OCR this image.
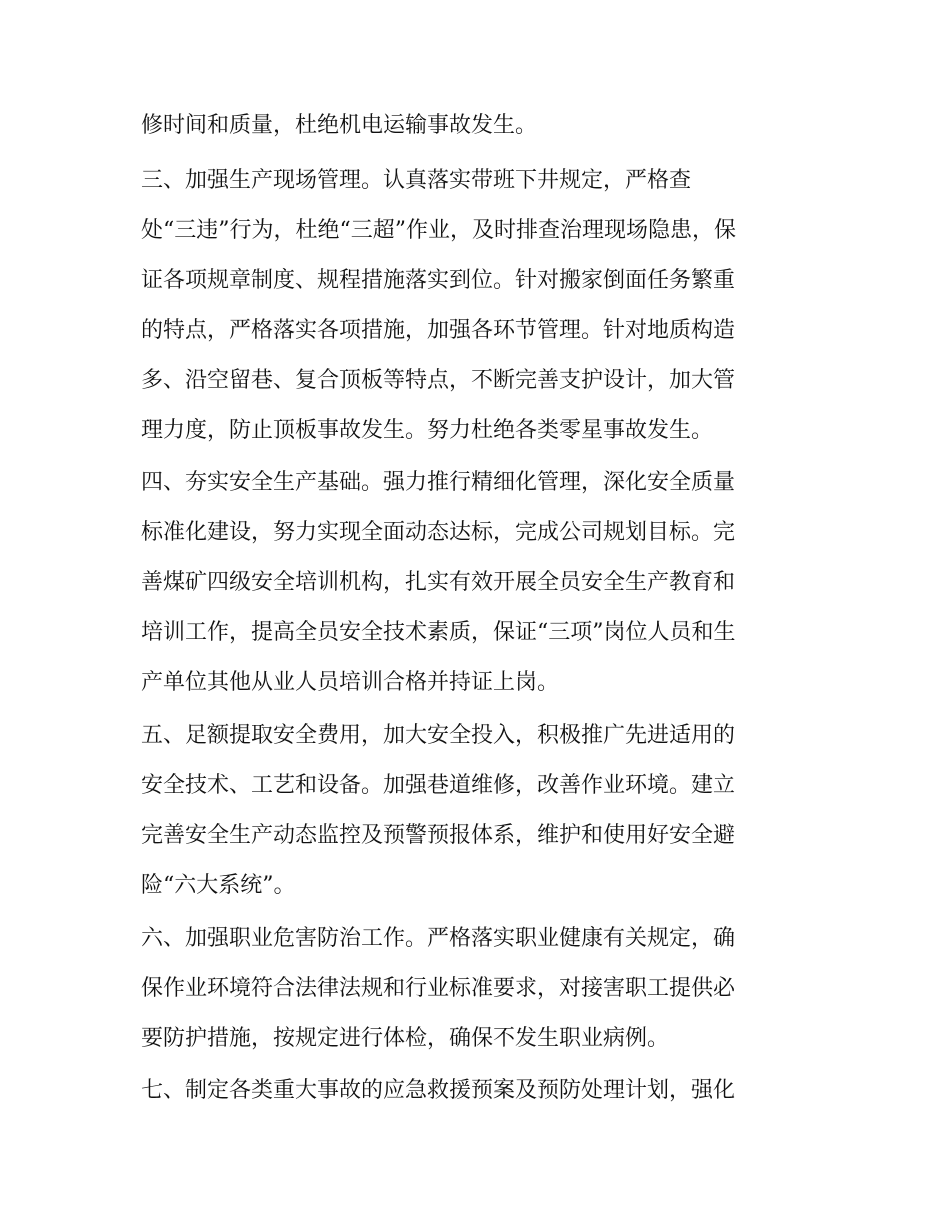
修时间和质量，杜绝机电运输事故发生。

三、加强生产现场管理。认真落实带班下井规定，严格查

处“三违”行为，杜绝“三超”作业，及时排查治理现场隐患，保

证各项规章制度、规程措施落实到位。针对搬家倒面任务繁重

的特点，严格落实各项措施，加强各环节管理。针对地质构造

多、沿空留巷、复合顶板等特点，不断完善支护设计，加大管

理力度，防止顶板事故发生。努力杜绝各类零星事故发生。

四、夯实安全生产基础。强力推行精细化管理，深化安全质量

标准化建设，努力实现全面动态达标，完成公司规划目标。完

善煤矿四级安全培训机构，扎实有效开展全员安全生产教育和

培训工作，提高全员安全技术素质，保证“三项”岗位人员和生

产单位其他从业人员培训合格并持证上岗。

五、足额提取安全费用，加大安全投入，积极推广先进适用的

安全技术、工艺和设备。加强巷道维修，改善作业环境。建立

完善安全生产动态监控及预警预报体系，维护和使用好安全避

险“六大系统”。

六、加强职业危害防治工作。严格落实职业健康有关规定，确

保作业环境符合法律法规和行业标准要求，对接害职工提供必

要防护措施，按规定进行体检，确保不发生职业病例。

七、制定各类重大事故的应急救援预案及预防处理计划，强化
